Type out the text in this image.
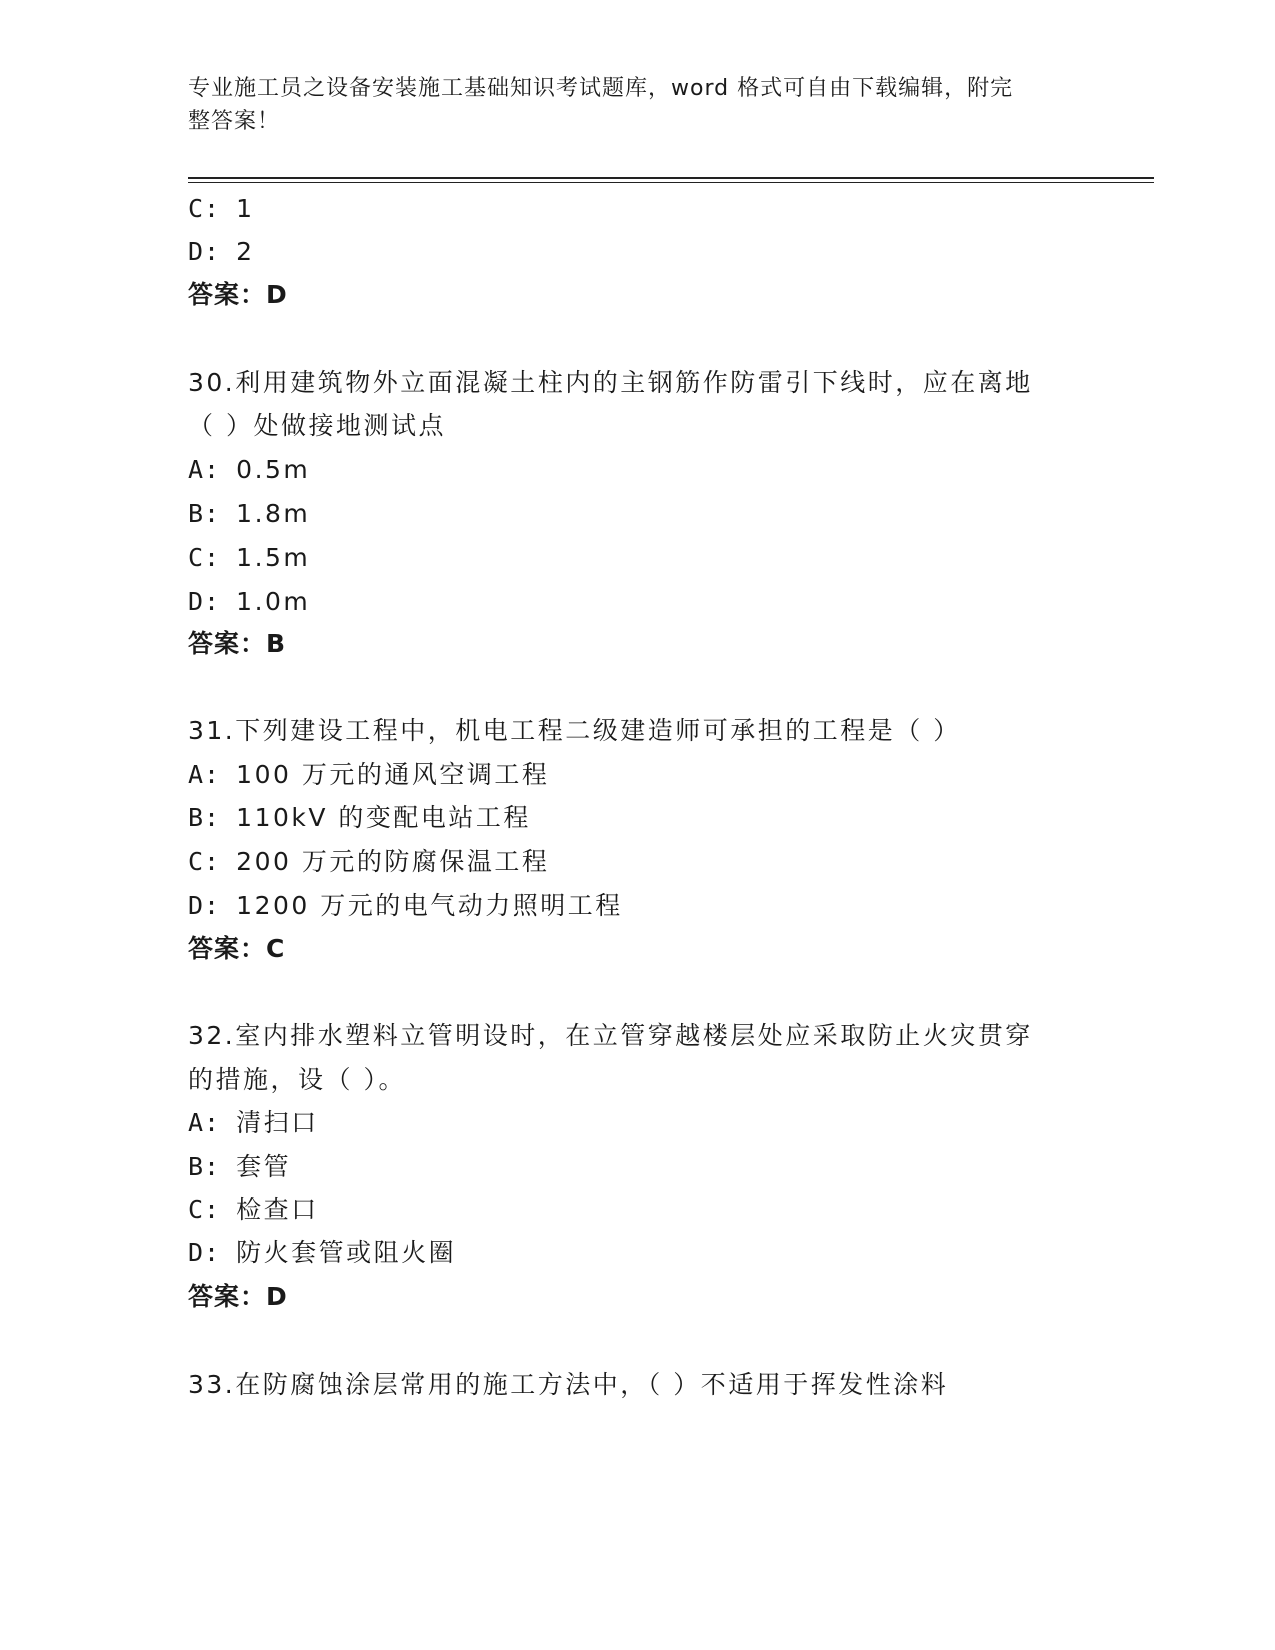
专业施工员之设备安装施工基础知识考试题库，word 格式可自由下载编辑，附完
整答案！
C: 1
D: 2
答案：D
30.利用建筑物外立面混凝土柱内的主钢筋作防雷引下线时，应在离地
（ ）处做接地测试点
A: 0.5m
B: 1.8m
C: 1.5m
D: 1.0m
答案：B
31.下列建设工程中，机电工程二级建造师可承担的工程是（ ）
A: 100 万元的通风空调工程
B: 110kV 的变配电站工程
C: 200 万元的防腐保温工程
D: 1200 万元的电气动力照明工程
答案：C
32.室内排水塑料立管明设时，在立管穿越楼层处应采取防止火灾贯穿
的措施，设（ ）。
A: 清扫口
B: 套管
C: 检查口
D: 防火套管或阻火圈
答案：D
33.在防腐蚀涂层常用的施工方法中，（ ）不适用于挥发性涂料
